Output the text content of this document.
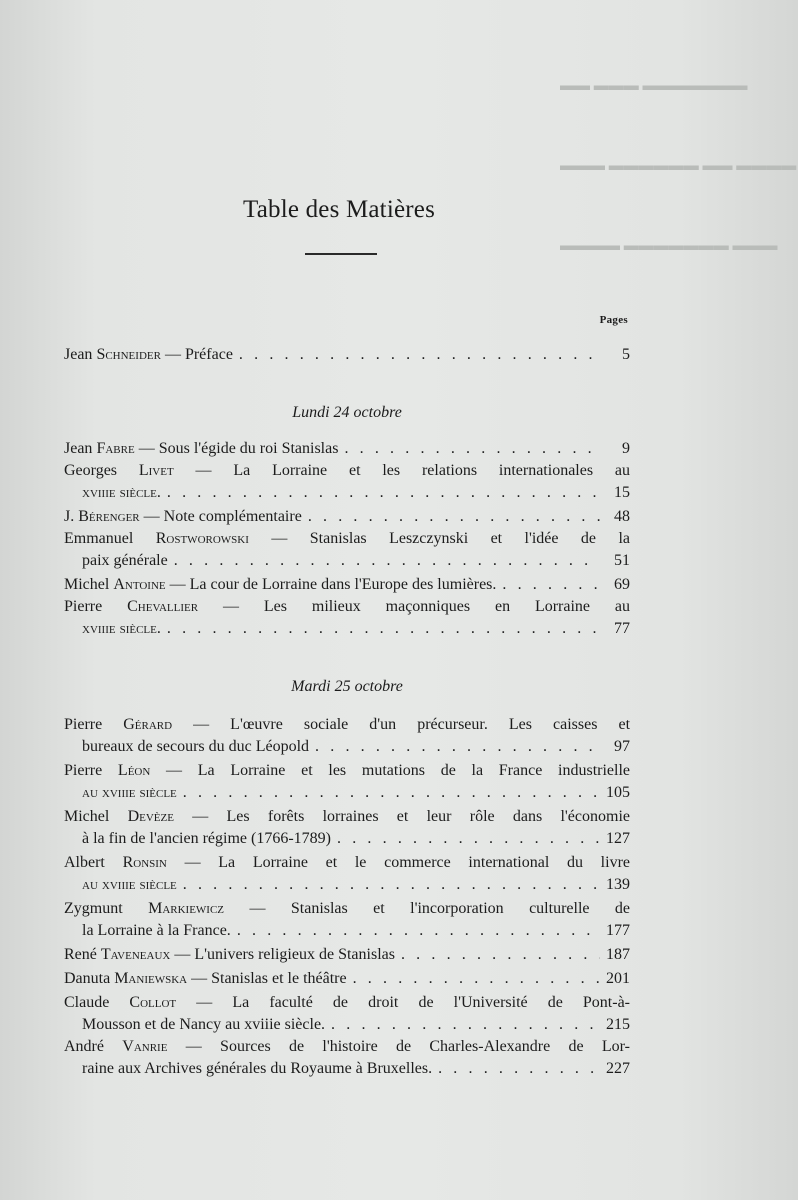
▬▬ ▬▬▬ ▬▬▬▬▬▬▬
▬▬▬ ▬▬▬▬▬▬ ▬▬ ▬▬▬▬
▬▬▬▬ ▬▬▬▬▬▬▬ ▬▬▬
Table des Matières
Pages
Jean Schneider — Préface . . .	5
Lundi 24 octobre
Jean Fabre — Sous l'égide du roi Stanislas . . .	9
Georges Livet — La Lorraine et les relations internationales au
xviiie siècle. . . .	15
J. Bérenger — Note complémentaire . . .	48
Emmanuel Rostworowski — Stanislas Leszczynski et l'idée de la
paix générale . . .	51
Michel Antoine — La cour de Lorraine dans l'Europe des lumières. . . .	69
Pierre Chevallier — Les milieux maçonniques en Lorraine au
xviiie siècle. . . .	77
Mardi 25 octobre
Pierre Gérard — L'œuvre sociale d'un précurseur. Les caisses et
bureaux de secours du duc Léopold . . .	97
Pierre Léon — La Lorraine et les mutations de la France industrielle
au xviiie siècle . . .	105
Michel Devèze — Les forêts lorraines et leur rôle dans l'économie
à la fin de l'ancien régime (1766-1789) . . .	127
Albert Ronsin — La Lorraine et le commerce international du livre
au xviiie siècle . . .	139
Zygmunt Markiewicz — Stanislas et l'incorporation culturelle de
la Lorraine à la France. . . .	177
René Taveneaux — L'univers religieux de Stanislas . . .	187
Danuta Maniewska — Stanislas et le théâtre . . .	201
Claude Collot — La faculté de droit de l'Université de Pont-à-
Mousson et de Nancy au xviiie siècle. . . .	215
André Vanrie — Sources de l'histoire de Charles-Alexandre de Lor-
raine aux Archives générales du Royaume à Bruxelles. . . .	227
